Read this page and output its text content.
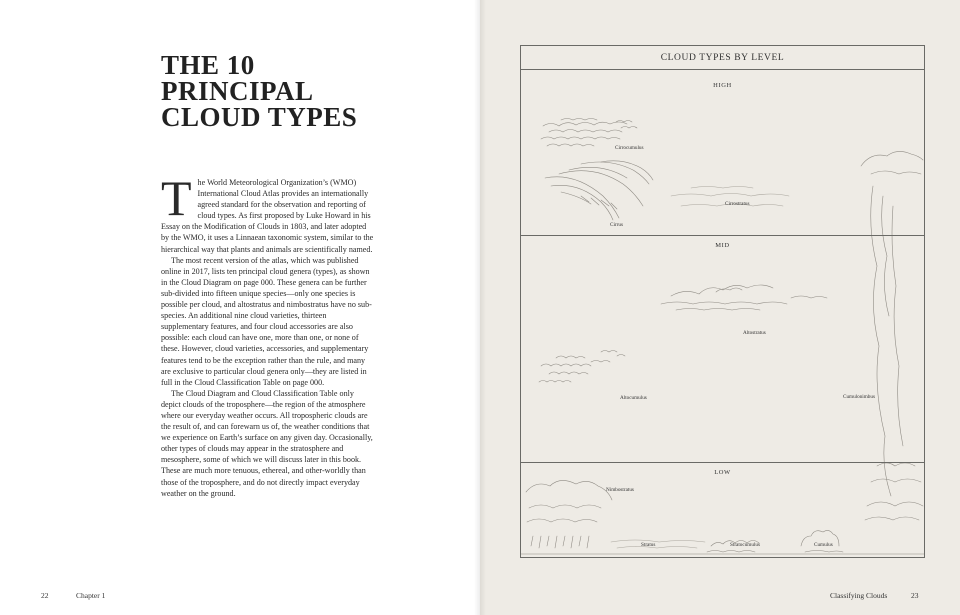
THE 10
PRINCIPAL
CLOUD TYPES

The World Meteorological Organization’s (WMO) International Cloud Atlas provides an internationally agreed standard for the observation and reporting of cloud types. As first proposed by Luke Howard in his Essay on the Modification of Clouds in 1803, and later adopted by the WMO, it uses a Linnaean taxonomic system, similar to the hierarchical way that plants and animals are scientifically named.

The most recent version of the atlas, which was published online in 2017, lists ten principal cloud genera (types), as shown in the Cloud Diagram on page 000. These genera can be further sub-divided into fifteen unique species—only one species is possible per cloud, and altostratus and nimbostratus have no sub-species. An additional nine cloud varieties, thirteen supplementary features, and four cloud accessories are also possible: each cloud can have one, more than one, or none of these. However, cloud varieties, accessories, and supplementary features tend to be the exception rather than the rule, and many are exclusive to particular cloud genera only—they are listed in full in the Cloud Classification Table on page 000.

The Cloud Diagram and Cloud Classification Table only depict clouds of the troposphere—the region of the atmosphere where our everyday weather occurs. All tropospheric clouds are the result of, and can forewarn us of, the weather conditions that we experience on Earth’s surface on any given day. Occasionally, other types of clouds may appear in the stratosphere and mesosphere, some of which we will discuss later in this book. These are much more tenuous, ethereal, and other-worldly than those of the troposphere, and do not directly impact everyday weather on the ground.

22	Chapter 1	Classifying Clouds	23
CLOUD TYPES BY LEVEL
HIGH
MID
LOW
Cirrocumulus
Cirrostratus
Cirrus
Altostratus
Altocumulus	Cumulonimbus
Nimbostratus
Stratus	Stratocumulus	Cumulus
